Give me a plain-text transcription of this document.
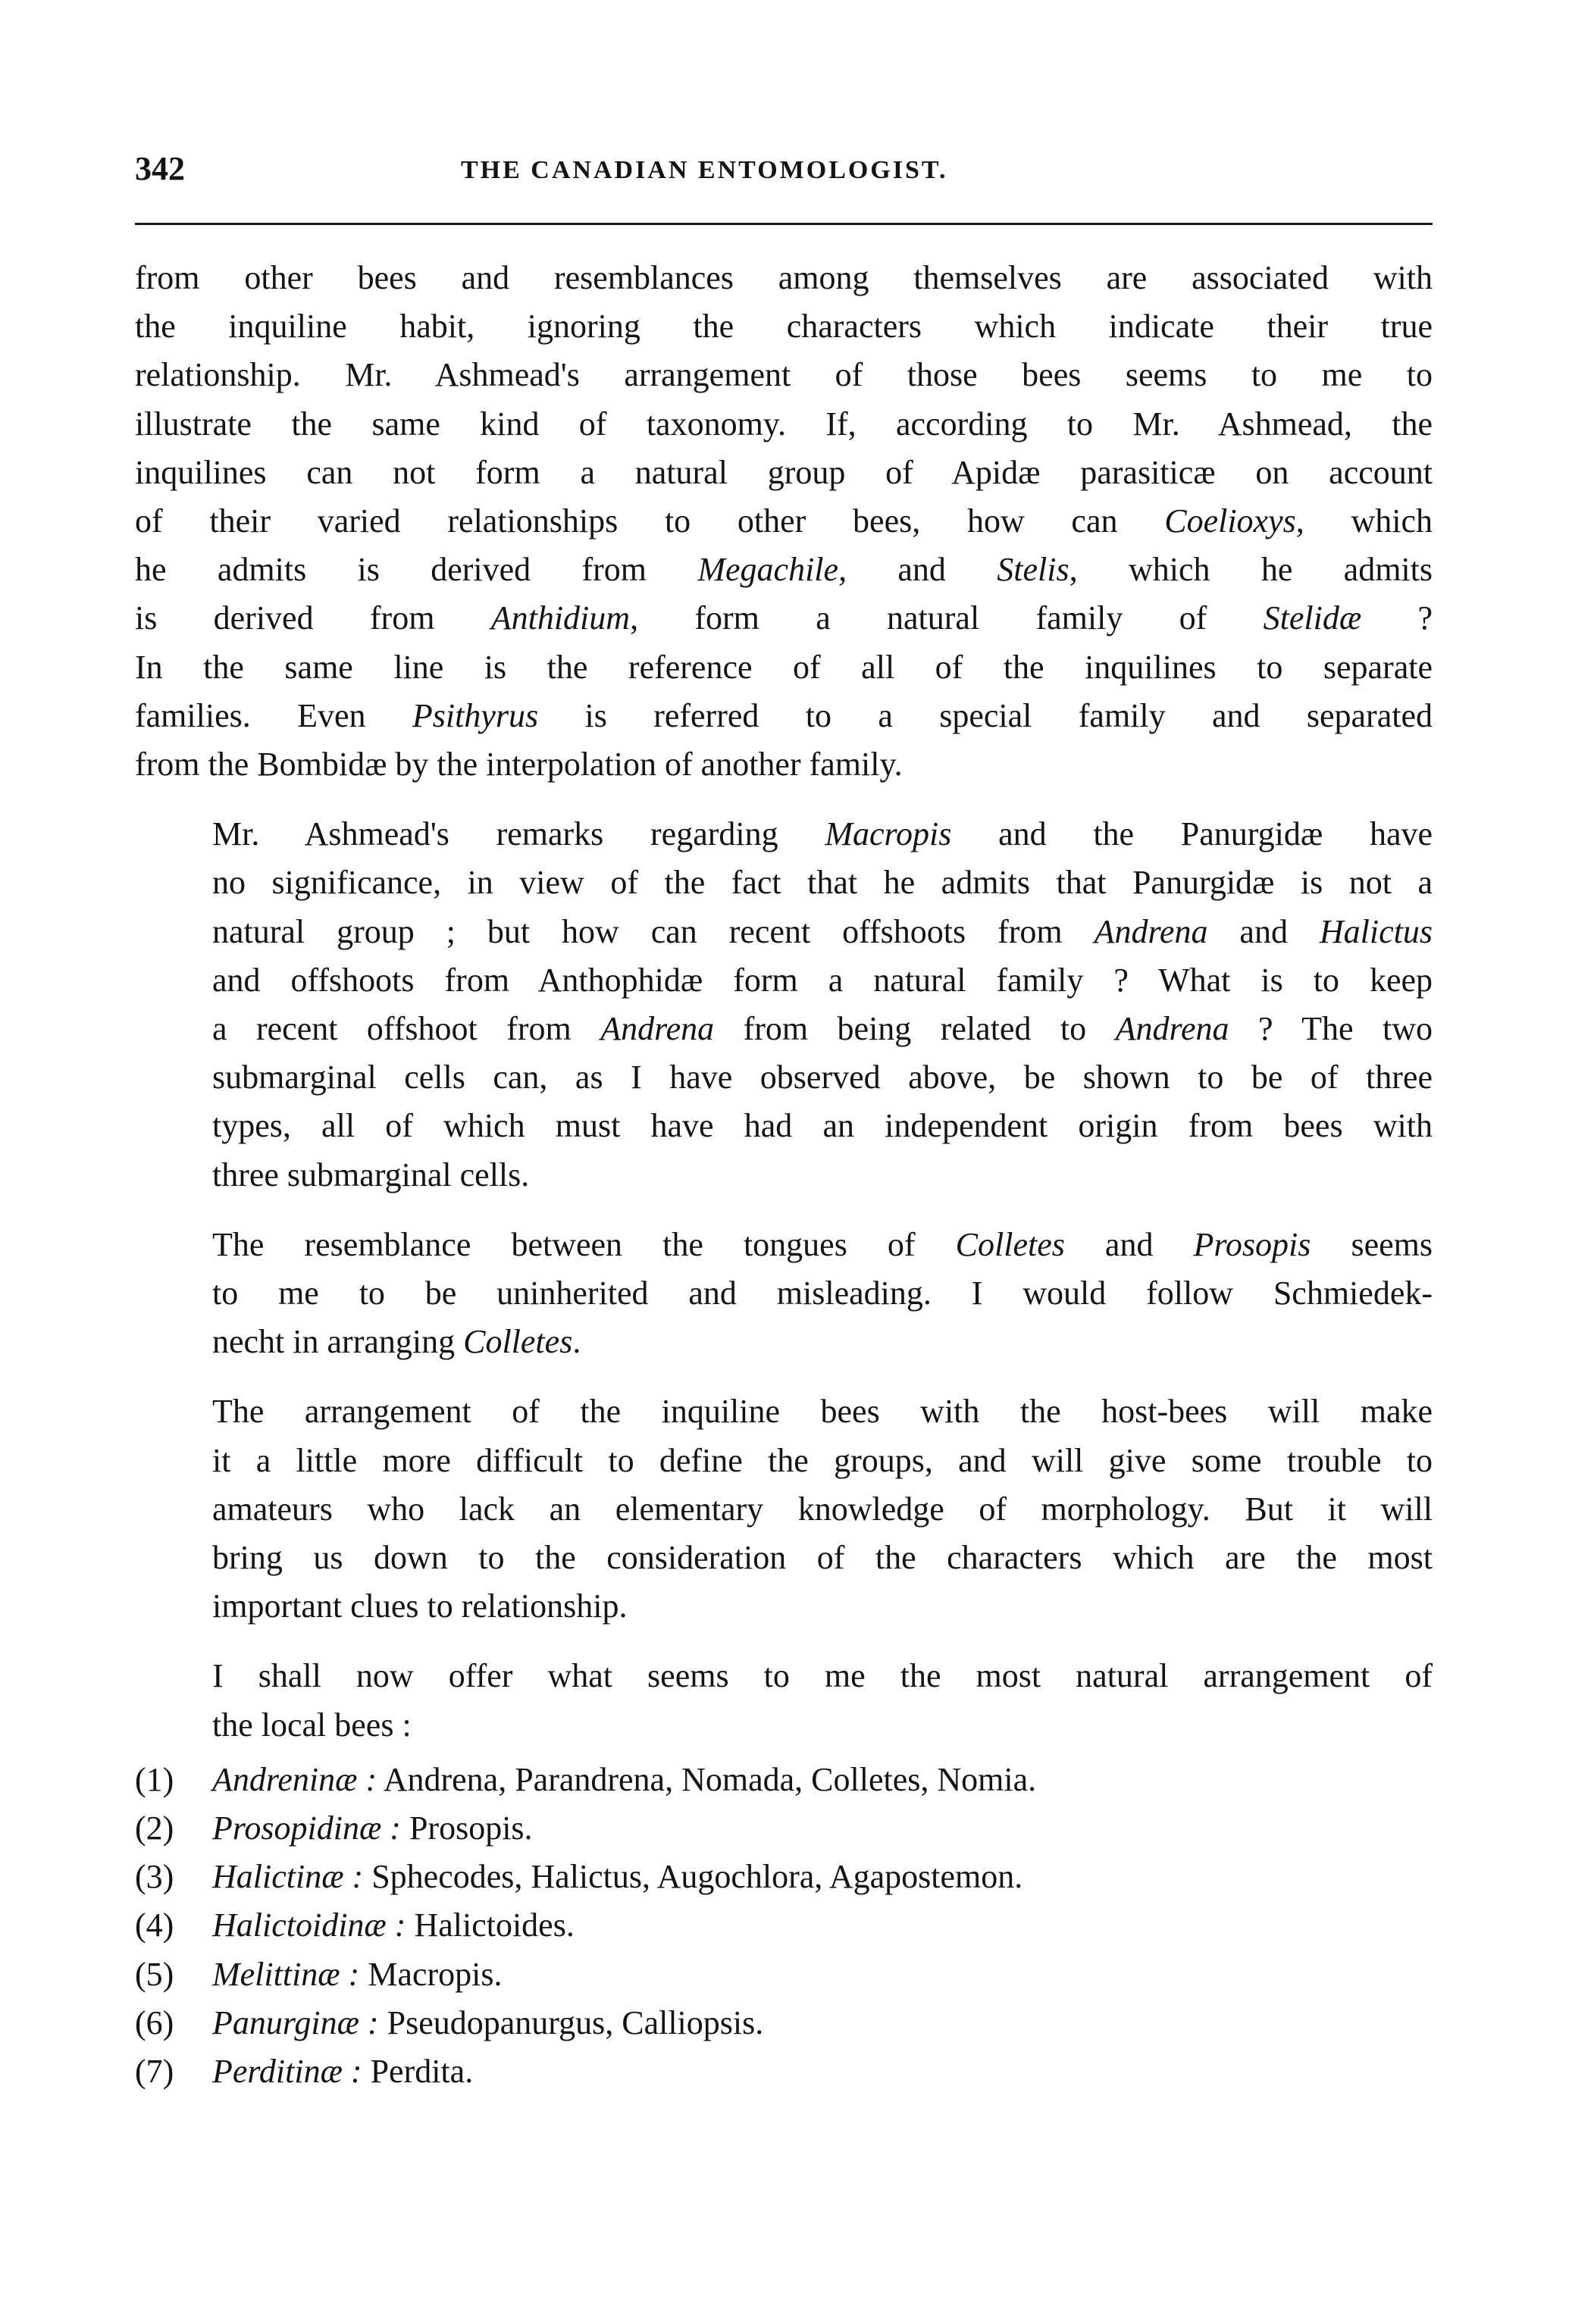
342	THE CANADIAN ENTOMOLOGIST.
from other bees and resemblances among themselves are associated with
the inquiline habit, ignoring the characters which indicate their true
relationship. Mr. Ashmead's arrangement of those bees seems to me to
illustrate the same kind of taxonomy. If, according to Mr. Ashmead, the
inquilines can not form a natural group of Apidæ parasiticæ on account
of their varied relationships to other bees, how can Coelioxys, which
he admits is derived from Megachile, and Stelis, which he admits
is derived from Anthidium, form a natural family of Stelidæ ?
In the same line is the reference of all of the inquilines to separate
families. Even Psithyrus is referred to a special family and separated
from the Bombidæ by the interpolation of another family.
Mr. Ashmead's remarks regarding Macropis and the Panurgidæ have
no significance, in view of the fact that he admits that Panurgidæ is not a
natural group ; but how can recent offshoots from Andrena and Halictus
and offshoots from Anthophidæ form a natural family ? What is to keep
a recent offshoot from Andrena from being related to Andrena ? The two
submarginal cells can, as I have observed above, be shown to be of three
types, all of which must have had an independent origin from bees with
three submarginal cells.
The resemblance between the tongues of Colletes and Prosopis seems
to me to be uninherited and misleading. I would follow Schmiedek-
necht in arranging Colletes.
The arrangement of the inquiline bees with the host-bees will make
it a little more difficult to define the groups, and will give some trouble to
amateurs who lack an elementary knowledge of morphology. But it will
bring us down to the consideration of the characters which are the most
important clues to relationship.
I shall now offer what seems to me the most natural arrangement of
the local bees :
(1) Andreninæ : Andrena, Parandrena, Nomada, Colletes, Nomia.
(2) Prosopidinæ : Prosopis.
(3) Halictinæ : Sphecodes, Halictus, Augochlora, Agapostemon.
(4) Halictoidinæ : Halictoides.
(5) Melittinæ : Macropis.
(6) Panurginæ : Pseudopanurgus, Calliopsis.
(7) Perditinæ : Perdita.
